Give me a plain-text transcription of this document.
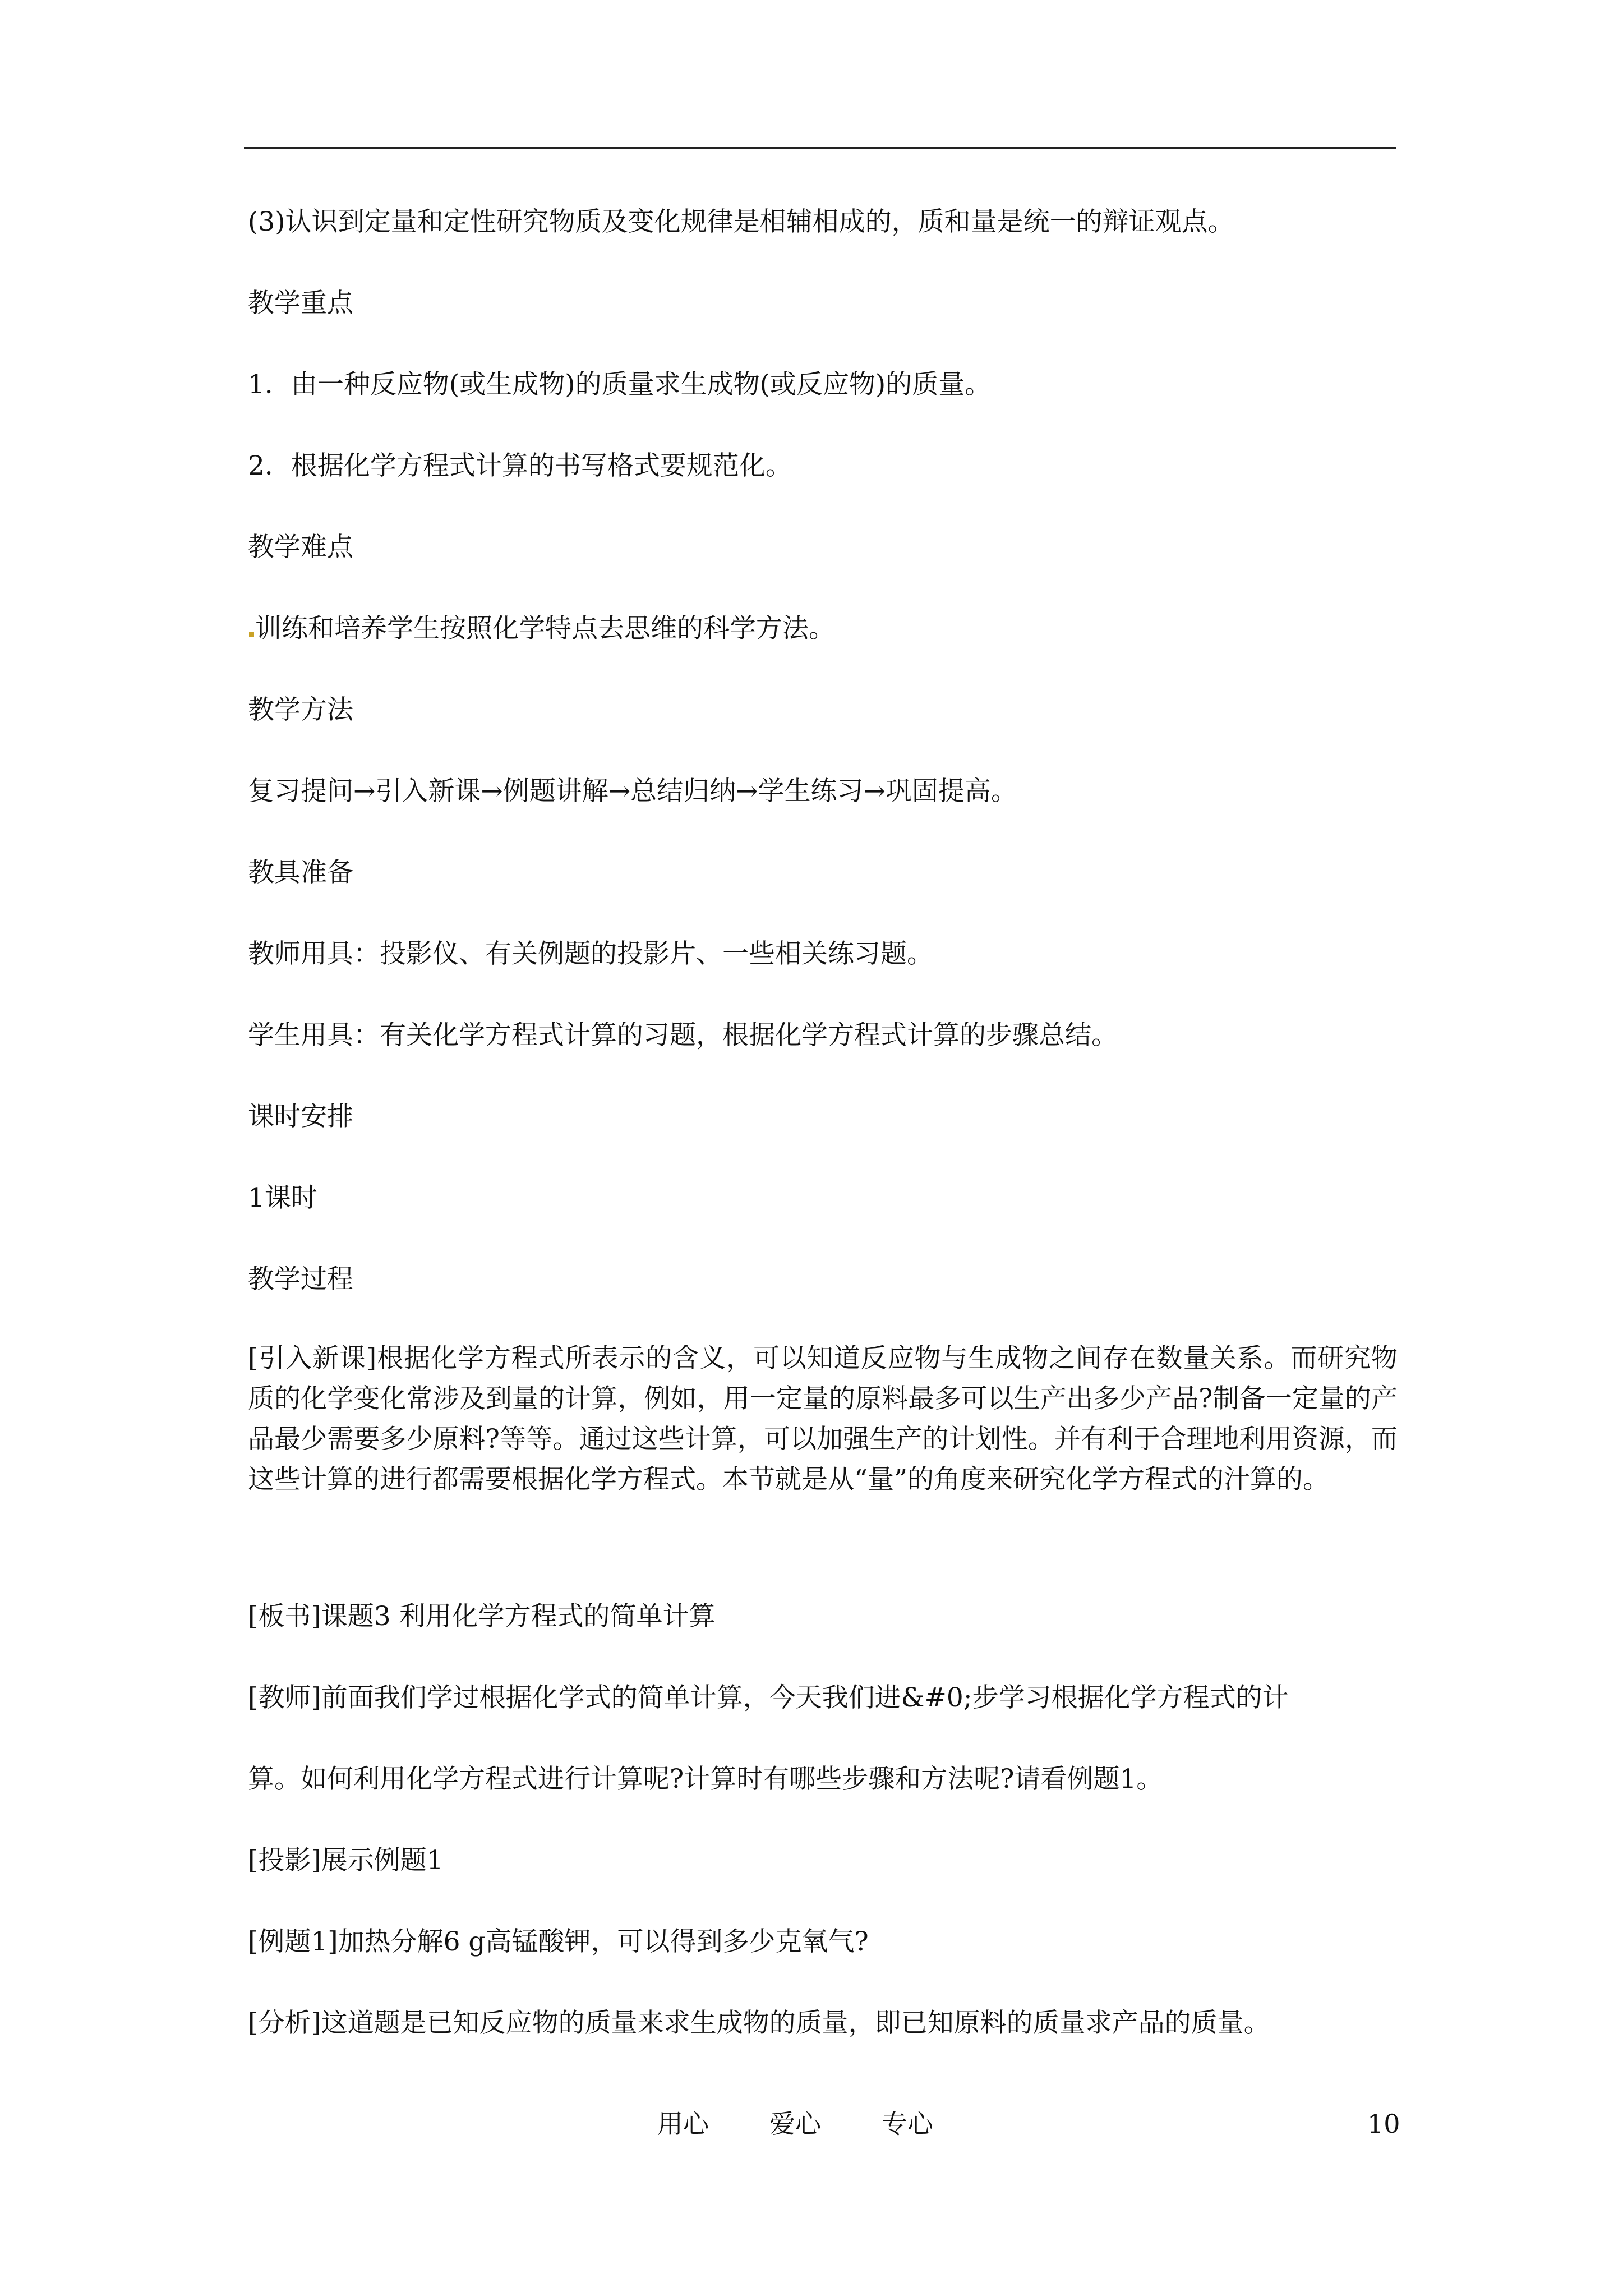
(3)认识到定量和定性研究物质及变化规律是相辅相成的，质和量是统一的辩证观点。
教学重点
1．由一种反应物(或生成物)的质量求生成物(或反应物)的质量。
2．根据化学方程式计算的书写格式要规范化。
教学难点
训练和培养学生按照化学特点去思维的科学方法。
教学方法
复习提问→引入新课→例题讲解→总结归纳→学生练习→巩固提高。
教具准备
教师用具：投影仪、有关例题的投影片、一些相关练习题。
学生用具：有关化学方程式计算的习题，根据化学方程式计算的步骤总结。
课时安排
1课时
教学过程
[引入新课]根据化学方程式所表示的含义，可以知道反应物与生成物之间存在数量关系。而研究物质的化学变化常涉及到量的计算，例如，用一定量的原料最多可以生产出多少产品?制备一定量的产品最少需要多少原料?等等。通过这些计算，可以加强生产的计划性。并有利于合理地利用资源，而这些计算的进行都需要根据化学方程式。本节就是从“量”的角度来研究化学方程式的汁算的。
[板书]课题3 利用化学方程式的简单计算
[教师]前面我们学过根据化学式的简单计算，今天我们进&#0;步学习根据化学方程式的计
算。如何利用化学方程式进行计算呢?计算时有哪些步骤和方法呢?请看例题1。
[投影]展示例题1
[例题1]加热分解6 g高锰酸钾，可以得到多少克氧气?
[分析]这道题是已知反应物的质量来求生成物的质量，即已知原料的质量求产品的质量。
用心 爱心 专心	10
